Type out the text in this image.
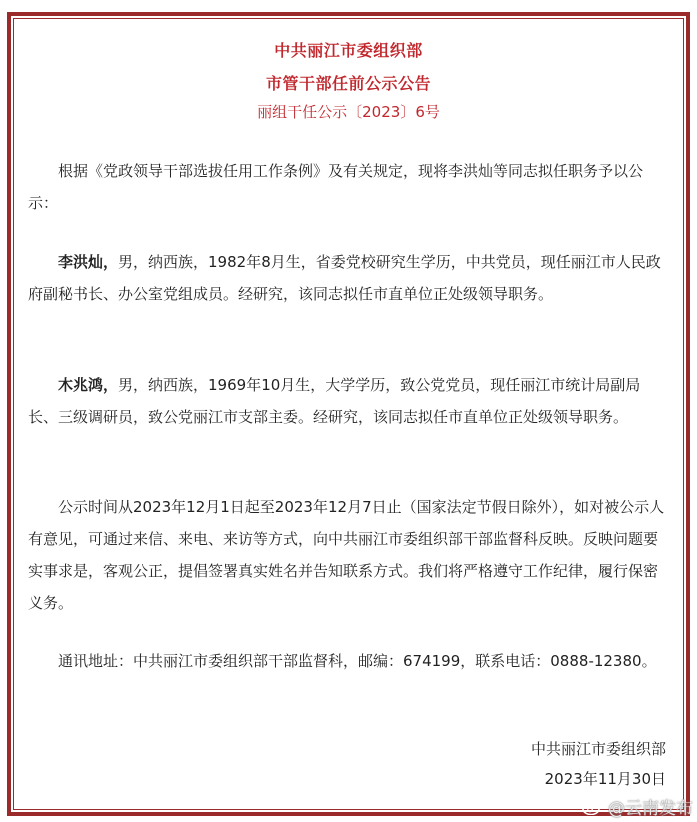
中共丽江市委组织部
市管干部任前公示公告
丽组干任公示〔2023〕6号

根据《党政领导干部选拔任用工作条例》及有关规定，现将李洪灿等同志拟任职务予以公示：

李洪灿，男，纳西族，1982年8月生，省委党校研究生学历，中共党员，现任丽江市人民政府副秘书长、办公室党组成员。经研究，该同志拟任市直单位正处级领导职务。

木兆鸿，男，纳西族，1969年10月生，大学学历，致公党党员，现任丽江市统计局副局长、三级调研员，致公党丽江市支部主委。经研究，该同志拟任市直单位正处级领导职务。

公示时间从2023年12月1日起至2023年12月7日止（国家法定节假日除外），如对被公示人有意见，可通过来信、来电、来访等方式，向中共丽江市委组织部干部监督科反映。反映问题要实事求是，客观公正，提倡签署真实姓名并告知联系方式。我们将严格遵守工作纪律，履行保密义务。

通讯地址：中共丽江市委组织部干部监督科，邮编：674199，联系电话：0888-12380。

中共丽江市委组织部
2023年11月30日
@云南发布
